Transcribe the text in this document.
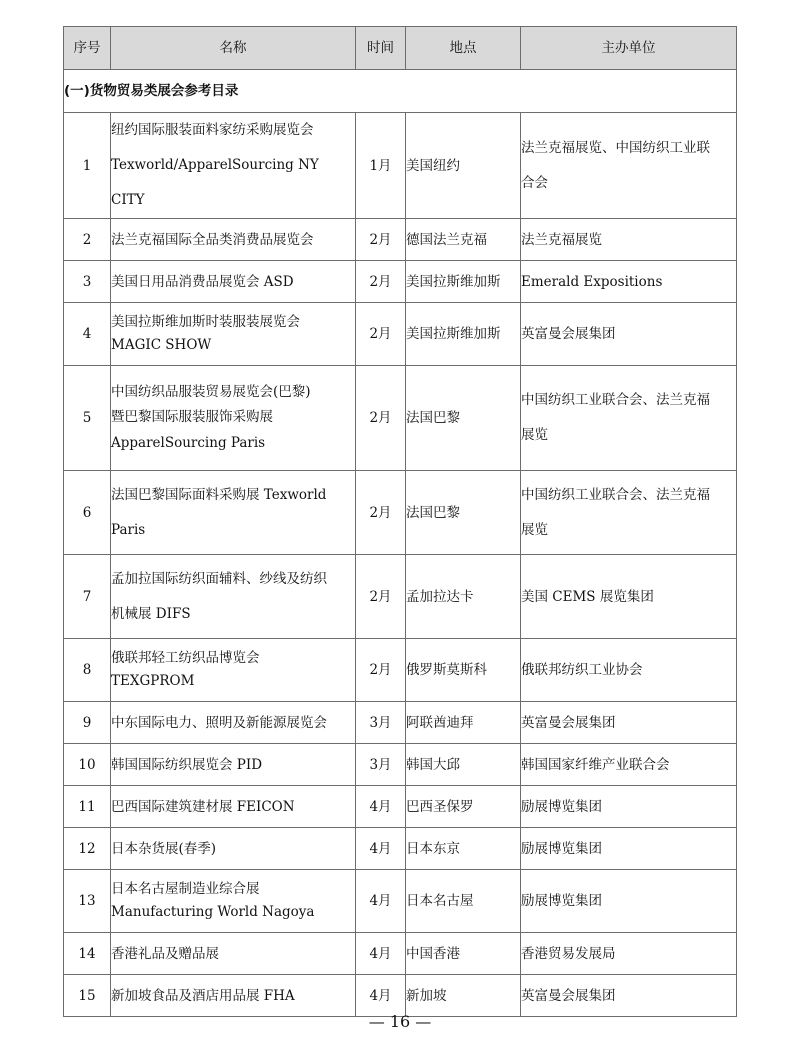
序号	名称	时间	地点	主办单位
(一)货物贸易类展会参考目录				
1	纽约国际服装面料家纺采购展览会
Texworld/ApparelSourcing NY CITY	1月	美国纽约	法兰克福展览、中国纺织工业联
合会

2	法兰克福国际全品类消费品展览会	2月	德国法兰克福	法兰克福展览

3	美国日用品消费品展览会 ASD	2月	美国拉斯维加斯	Emerald Expositions

4	美国拉斯维加斯时装服装展览会
MAGIC SHOW	2月	美国拉斯维加斯	英富曼会展集团

5	中国纺织品服装贸易展览会(巴黎)
暨巴黎国际服装服饰采购展
ApparelSourcing Paris	2月	法国巴黎	中国纺织工业联合会、法兰克福
展览

6	法国巴黎国际面料采购展 Texworld
Paris	2月	法国巴黎	中国纺织工业联合会、法兰克福
展览

7	孟加拉国际纺织面辅料、纱线及纺织
机械展 DIFS	2月	孟加拉达卡	美国 CEMS 展览集团

8	俄联邦轻工纺织品博览会
TEXGPROM	2月	俄罗斯莫斯科	俄联邦纺织工业协会

9	中东国际电力、照明及新能源展览会	3月	阿联酋迪拜	英富曼会展集团

10	韩国国际纺织展览会 PID	3月	韩国大邱	韩国国家纤维产业联合会

11	巴西国际建筑建材展 FEICON	4月	巴西圣保罗	励展博览集团

12	日本杂货展(春季)	4月	日本东京	励展博览集团

13	日本名古屋制造业综合展
Manufacturing World Nagoya	4月	日本名古屋	励展博览集团

14	香港礼品及赠品展	4月	中国香港	香港贸易发展局

15	新加坡食品及酒店用品展 FHA	4月	新加坡	英富曼会展集团
— 16 —
